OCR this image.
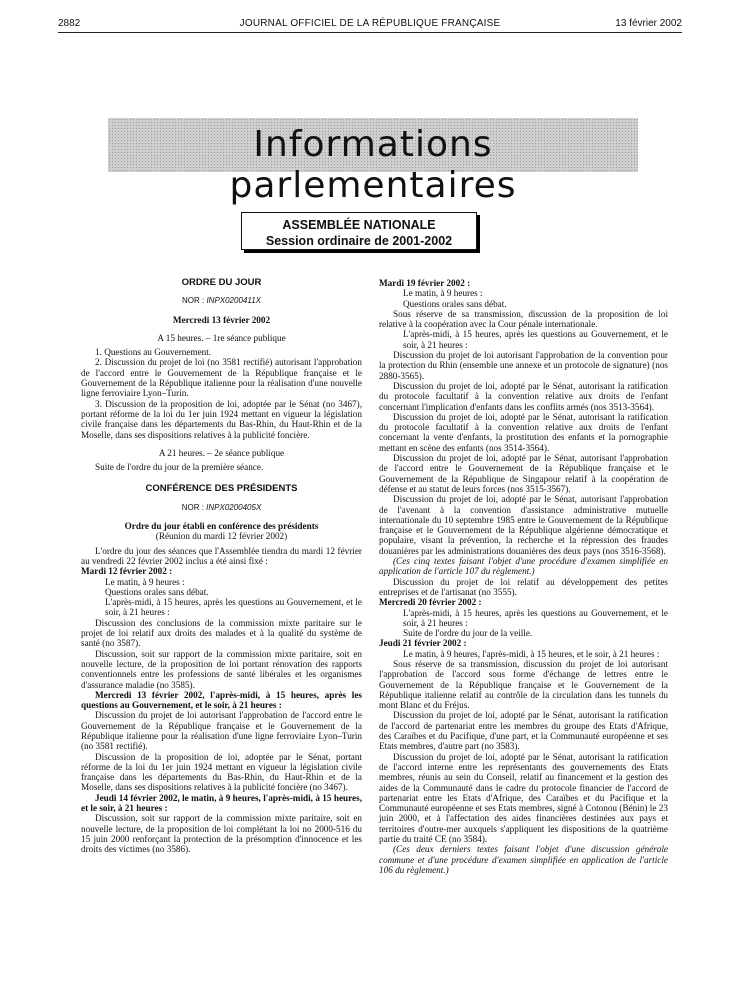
2882	JOURNAL OFFICIEL DE LA RÉPUBLIQUE FRANÇAISE	13 février 2002
Informations parlementaires
ASSEMBLÉE NATIONALE
Session ordinaire de 2001-2002

ORDRE DU JOUR

NOR : INPX0200411X

Mercredi 13 février 2002

A 15 heures. – 1re séance publique

1. Questions au Gouvernement.

2. Discussion du projet de loi (no 3581 rectifié) autorisant l'approbation de l'accord entre le Gouvernement de la République française et le Gouvernement de la République italienne pour la réalisation d'une nouvelle ligne ferroviaire Lyon–Turin.

3. Discussion de la proposition de loi, adoptée par le Sénat (no 3467), portant réforme de la loi du 1er juin 1924 mettant en vigueur la législation civile française dans les départements du Bas-Rhin, du Haut-Rhin et de la Moselle, dans ses dispositions relatives à la publicité foncière.

A 21 heures. – 2e séance publique

Suite de l'ordre du jour de la première séance.

CONFÉRENCE DES PRÉSIDENTS

NOR : INPX0200405X

Ordre du jour établi en conférence des présidents

(Réunion du mardi 12 février 2002)

L'ordre du jour des séances que l'Assemblée tiendra du mardi 12 février au vendredi 22 février 2002 inclus a été ainsi fixé :

Mardi 12 février 2002 :

Le matin, à 9 heures :

Questions orales sans débat.

L'après-midi, à 15 heures, après les questions au Gouvernement, et le soir, à 21 heures :

Discussion des conclusions de la commission mixte paritaire sur le projet de loi relatif aux droits des malades et à la qualité du système de santé (no 3587).

Discussion, soit sur rapport de la commission mixte paritaire, soit en nouvelle lecture, de la proposition de loi portant rénovation des rapports conventionnels entre les professions de santé libérales et les organismes d'assurance maladie (no 3585).

Mercredi 13 février 2002, l'après-midi, à 15 heures, après les questions au Gouvernement, et le soir, à 21 heures :

Discussion du projet de loi autorisant l'approbation de l'accord entre le Gouvernement de la République française et le Gouvernement de la République italienne pour la réalisation d'une ligne ferroviaire Lyon–Turin (no 3581 rectifié).

Discussion de la proposition de loi, adoptée par le Sénat, portant réforme de la loi du 1er juin 1924 mettant en vigueur la législation civile française dans les départements du Bas-Rhin, du Haut-Rhin et de la Moselle, dans ses dispositions relatives à la publicité foncière (no 3467).

Jeudi 14 février 2002, le matin, à 9 heures, l'après-midi, à 15 heures, et le soir, à 21 heures :

Discussion, soit sur rapport de la commission mixte paritaire, soit en nouvelle lecture, de la proposition de loi complétant la loi no 2000-516 du 15 juin 2000 renforçant la protection de la présomption d'innocence et les droits des victimes (no 3586).

Mardi 19 février 2002 :

Le matin, à 9 heures :

Questions orales sans débat.

Sous réserve de sa transmission, discussion de la proposition de loi relative à la coopération avec la Cour pénale internationale.

L'après-midi, à 15 heures, après les questions au Gouvernement, et le soir, à 21 heures :

Discussion du projet de loi autorisant l'approbation de la convention pour la protection du Rhin (ensemble une annexe et un protocole de signature) (nos 2880-3565).

Discussion du projet de loi, adopté par le Sénat, autorisant la ratification du protocole facultatif à la convention relative aux droits de l'enfant concernant l'implication d'enfants dans les conflits armés (nos 3513-3564).

Discussion du projet de loi, adopté par le Sénat, autorisant la ratification du protocole facultatif à la convention relative aux droits de l'enfant concernant la vente d'enfants, la prostitution des enfants et la pornographie mettant en scène des enfants (nos 3514-3564).

Discussion du projet de loi, adopté par le Sénat, autorisant l'approbation de l'accord entre le Gouvernement de la République française et le Gouvernement de la République de Singapour relatif à la coopération de défense et au statut de leurs forces (nos 3515-3567).

Discussion du projet de loi, adopté par le Sénat, autorisant l'approbation de l'avenant à la convention d'assistance administrative mutuelle internationale du 10 septembre 1985 entre le Gouvernement de la République française et le Gouvernement de la République algérienne démocratique et populaire, visant la prévention, la recherche et la répression des fraudes douanières par les administrations douanières des deux pays (nos 3516-3568).

(Ces cinq textes faisant l'objet d'une procédure d'examen simplifiée en application de l'article 107 du règlement.)

Discussion du projet de loi relatif au développement des petites entreprises et de l'artisanat (no 3555).

Mercredi 20 février 2002 :

L'après-midi, à 15 heures, après les questions au Gouvernement, et le soir, à 21 heures :

Suite de l'ordre du jour de la veille.

Jeudi 21 février 2002 :

Le matin, à 9 heures, l'après-midi, à 15 heures, et le soir, à 21 heures :

Sous réserve de sa transmission, discussion du projet de loi autorisant l'approbation de l'accord sous forme d'échange de lettres entre le Gouvernement de la République française et le Gouvernement de la République italienne relatif au contrôle de la circulation dans les tunnels du mont Blanc et du Fréjus.

Discussion du projet de loi, adopté par le Sénat, autorisant la ratification de l'accord de partenariat entre les membres du groupe des Etats d'Afrique, des Caraïbes et du Pacifique, d'une part, et la Communauté européenne et ses Etats membres, d'autre part (no 3583).

Discussion du projet de loi, adopté par le Sénat, autorisant la ratification de l'accord interne entre les représentants des gouvernements des Etats membres, réunis au sein du Conseil, relatif au financement et la gestion des aides de la Communauté dans le cadre du protocole financier de l'accord de partenariat entre les Etats d'Afrique, des Caraïbes et du Pacifique et la Communauté européenne et ses Etats membres, signé à Cotonou (Bénin) le 23 juin 2000, et à l'affectation des aides financières destinées aux pays et territoires d'outre-mer auxquels s'appliquent les dispositions de la quatrième partie du traité CE (no 3584).

(Ces deux derniers textes faisant l'objet d'une discussion générale commune et d'une procédure d'examen simplifiée en application de l'article 106 du règlement.)
